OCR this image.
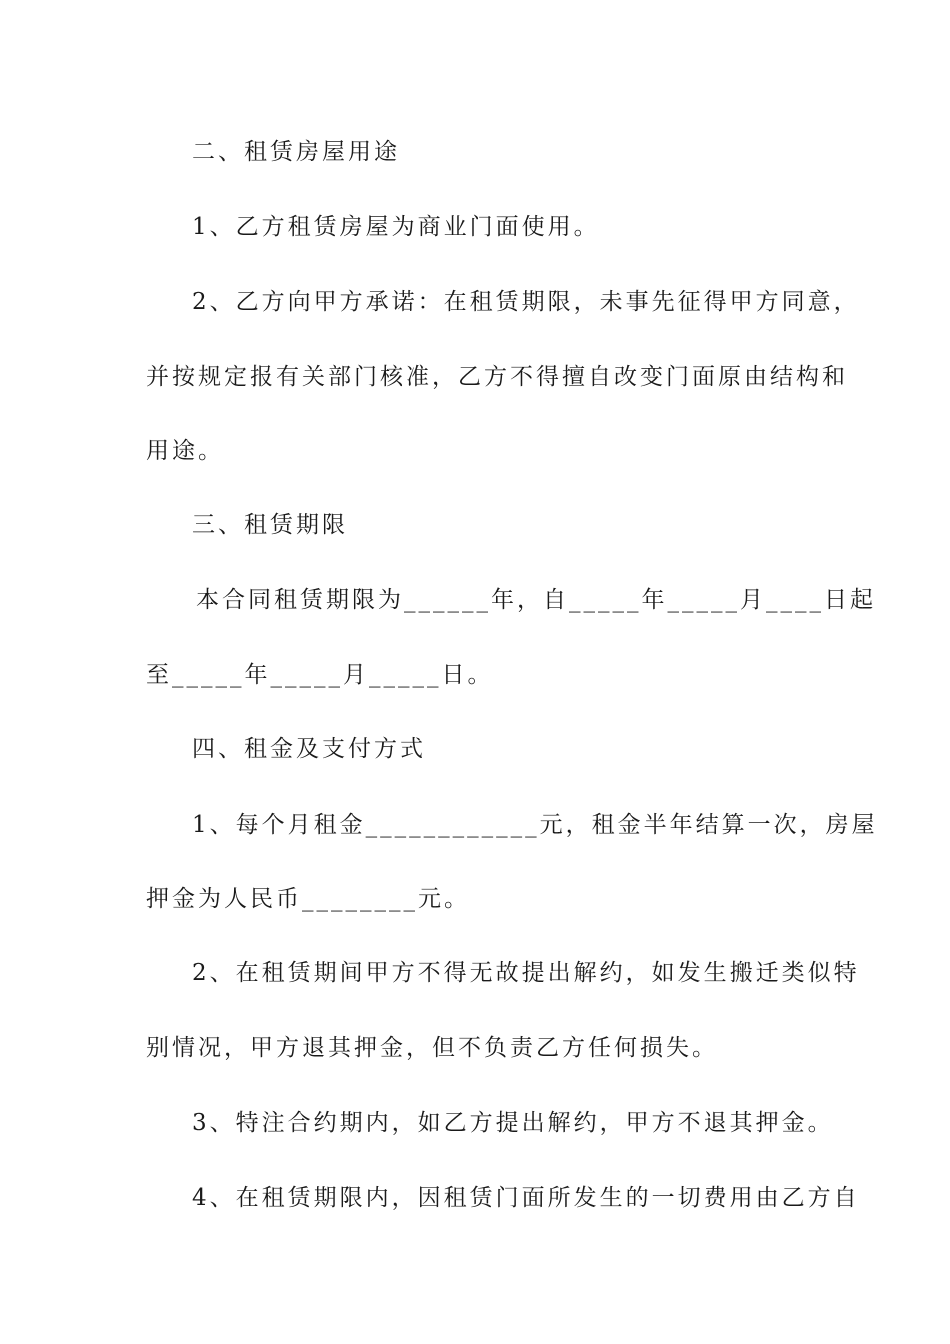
二、租赁房屋用途
1、乙方租赁房屋为商业门面使用。
2、乙方向甲方承诺：在租赁期限，未事先征得甲方同意，
并按规定报有关部门核准，乙方不得擅自改变门面原由结构和
用途。
三、租赁期限
本合同租赁期限为______年，自_____年_____月____日起
至_____年_____月_____日。
四、租金及支付方式
1、每个月租金____________元，租金半年结算一次，房屋
押金为人民币________元。
2、在租赁期间甲方不得无故提出解约，如发生搬迁类似特
别情况，甲方退其押金，但不负责乙方任何损失。
3、特注合约期内，如乙方提出解约，甲方不退其押金。
4、在租赁期限内，因租赁门面所发生的一切费用由乙方自
